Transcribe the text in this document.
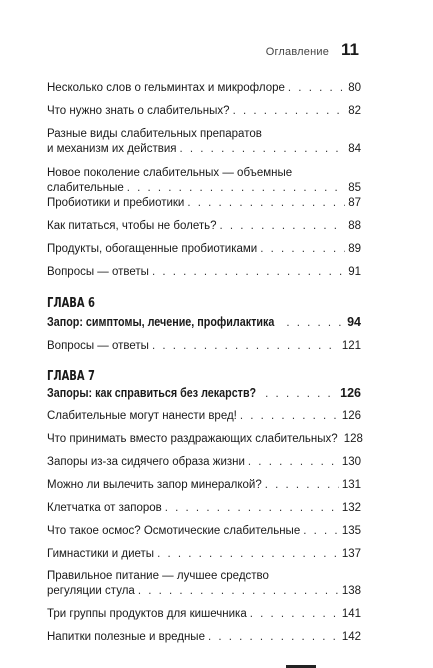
Оглавление 11
Несколько слов о гельминтах и микрофлоре . . .	80
Что нужно знать о слабительных? . . .	82
Разные виды слабительных препаратов
и механизм их действия . . .	84
Новое поколение слабительных — объемные
слабительные . . .	85
Пробиотики и пребиотики . . .	87
Как питаться, чтобы не болеть? . . .	88
Продукты, обогащенные пробиотиками . . .	89
Вопросы — ответы . . .	91
ГЛАВА 6
Запор: симптомы, лечение, профилактика . . .	94
Вопросы — ответы . . .	121
ГЛАВА 7
Запоры: как справиться без лекарств? . . .	126
Слабительные могут нанести вред! . . .	126
Что принимать вместо раздражающих слабительных? 128
Запоры из-за сидячего образа жизни . . .	130
Можно ли вылечить запор минералкой? . . .	131
Клетчатка от запоров . . .	132
Что такое осмос? Осмотические слабительные . . .	135
Гимнастики и диеты . . .	137
Правильное питание — лучшее средство
регуляции стула . . .	138
Три группы продуктов для кишечника . . .	141
Напитки полезные и вредные . . .	142
